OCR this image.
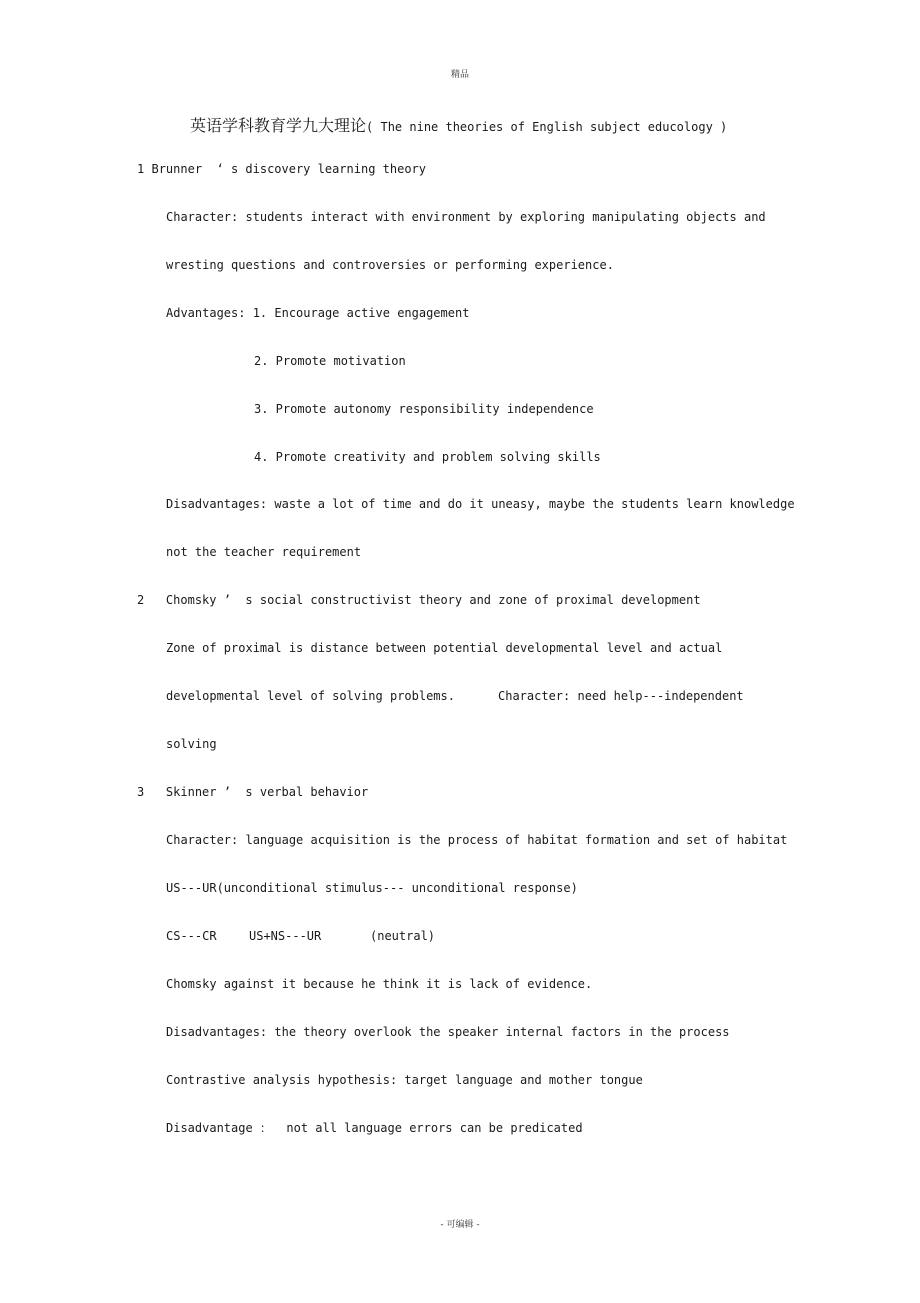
精品
英语学科教育学九大理论( The nine theories of English subject educology )
1 Brunner  ‘ s discovery learning theory
Character: students interact with environment by exploring manipulating objects and
wresting questions and controversies or performing experience.
Advantages: 1. Encourage active engagement
2. Promote motivation
3. Promote autonomy responsibility independence
4. Promote creativity and problem solving skills
Disadvantages: waste a lot of time and do it uneasy, maybe the students learn knowledge
not the teacher requirement
2 Chomsky ’  s social constructivist theory and zone of proximal development
Zone of proximal is distance between potential developmental level and actual
developmental level of solving problems.	Character: need help---independent
solving
3 Skinner ’  s verbal behavior
Character: language acquisition is the process of habitat formation and set of habitat
US---UR(unconditional stimulus--- unconditional response)
CS---CR	US+NS---UR	(neutral)
Chomsky against it because he think it is lack of evidence.
Disadvantages: the theory overlook the speaker internal factors in the process
Contrastive analysis hypothesis: target language and mother tongue
Disadvantage ：  not all language errors can be predicated
- 可编辑 -
